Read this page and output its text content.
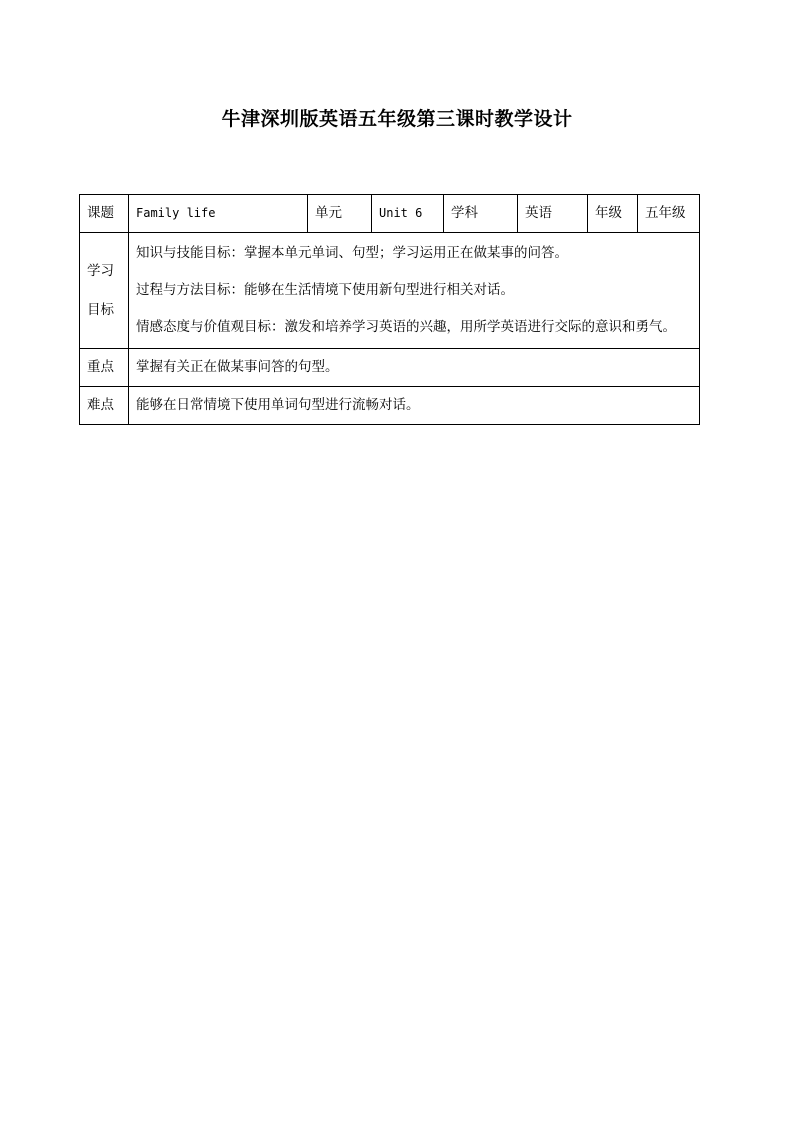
牛津深圳版英语五年级第三课时教学设计
课题	Family life	单元	Unit 6	学科	英语	年级	五年级

学习
目标	知识与技能目标：掌握本单元单词、句型；学习运用正在做某事的问答。
过程与方法目标：能够在生活情境下使用新句型进行相关对话。
情感态度与价值观目标：激发和培养学习英语的兴趣，用所学英语进行交际的意识和勇气。						

重点	掌握有关正在做某事问答的句型。						
难点	能够在日常情境下使用单词句型进行流畅对话。						
